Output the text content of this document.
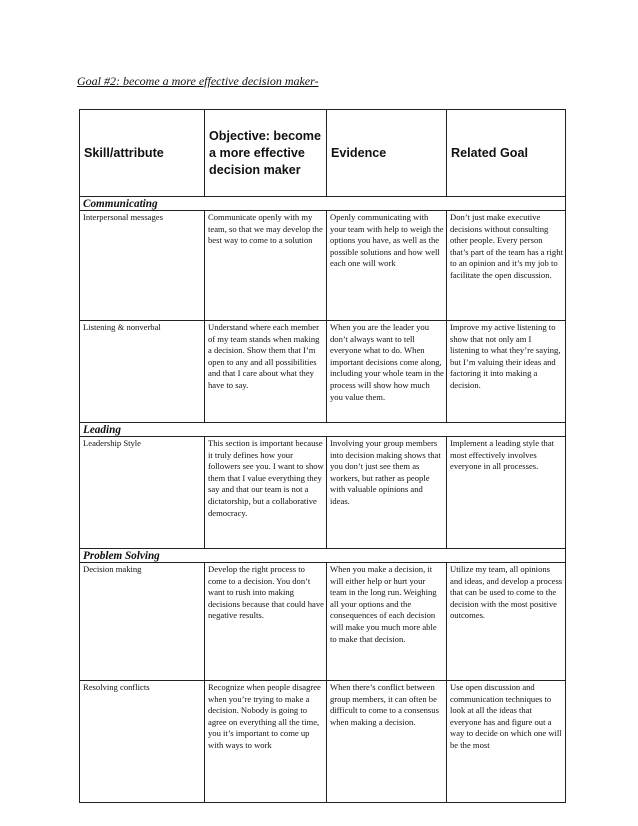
Goal #2: become a more effective decision maker-
Skill/attribute	Objective: become a more effective decision maker	Evidence	Related Goal
Communicating			
Interpersonal messages	Communicate openly with my team, so that we may develop the best way to come to a solution	Openly communicating with your team with help to weigh the options you have, as well as the possible solutions and how well each one will work	Don’t just make executive decisions without consulting other people. Every person that’s part of the team has a right to an opinion and it’s my job to facilitate the open discussion.
Listening & nonverbal	Understand where each member of my team stands when making a decision. Show them that I’m open to any and all possibilities and that I care about what they have to say.	When you are the leader you don’t always want to tell everyone what to do. When important decisions come along, including your whole team in the process will show how much you value them.	Improve my active listening to show that not only am I listening to what they’re saying, but I’m valuing their ideas and factoring it into making a decision.
Leading			
Leadership Style	This section is important because it truly defines how your followers see you. I want to show them that I value everything they say and that our team is not a dictatorship, but a collaborative democracy.	Involving your group members into decision making shows that you don’t just see them as workers, but rather as people with valuable opinions and ideas.	Implement a leading style that most effectively involves everyone in all processes.
Problem Solving			
Decision making	Develop the right process to come to a decision. You don’t want to rush into making decisions because that could have negative results.	When you make a decision, it will either help or hurt your team in the long run. Weighing all your options and the consequences of each decision will make you much more able to make that decision.	Utilize my team, all opinions and ideas, and develop a process that can be used to come to the decision with the most positive outcomes.
Resolving conflicts	Recognize when people disagree when you’re trying to make a decision. Nobody is going to agree on everything all the time, you it’s important to come up with ways to work	When there’s conflict between group members, it can often be difficult to come to a consensus when making a decision.	Use open discussion and communication techniques to look at all the ideas that everyone has and figure out a way to decide on which one will be the most
